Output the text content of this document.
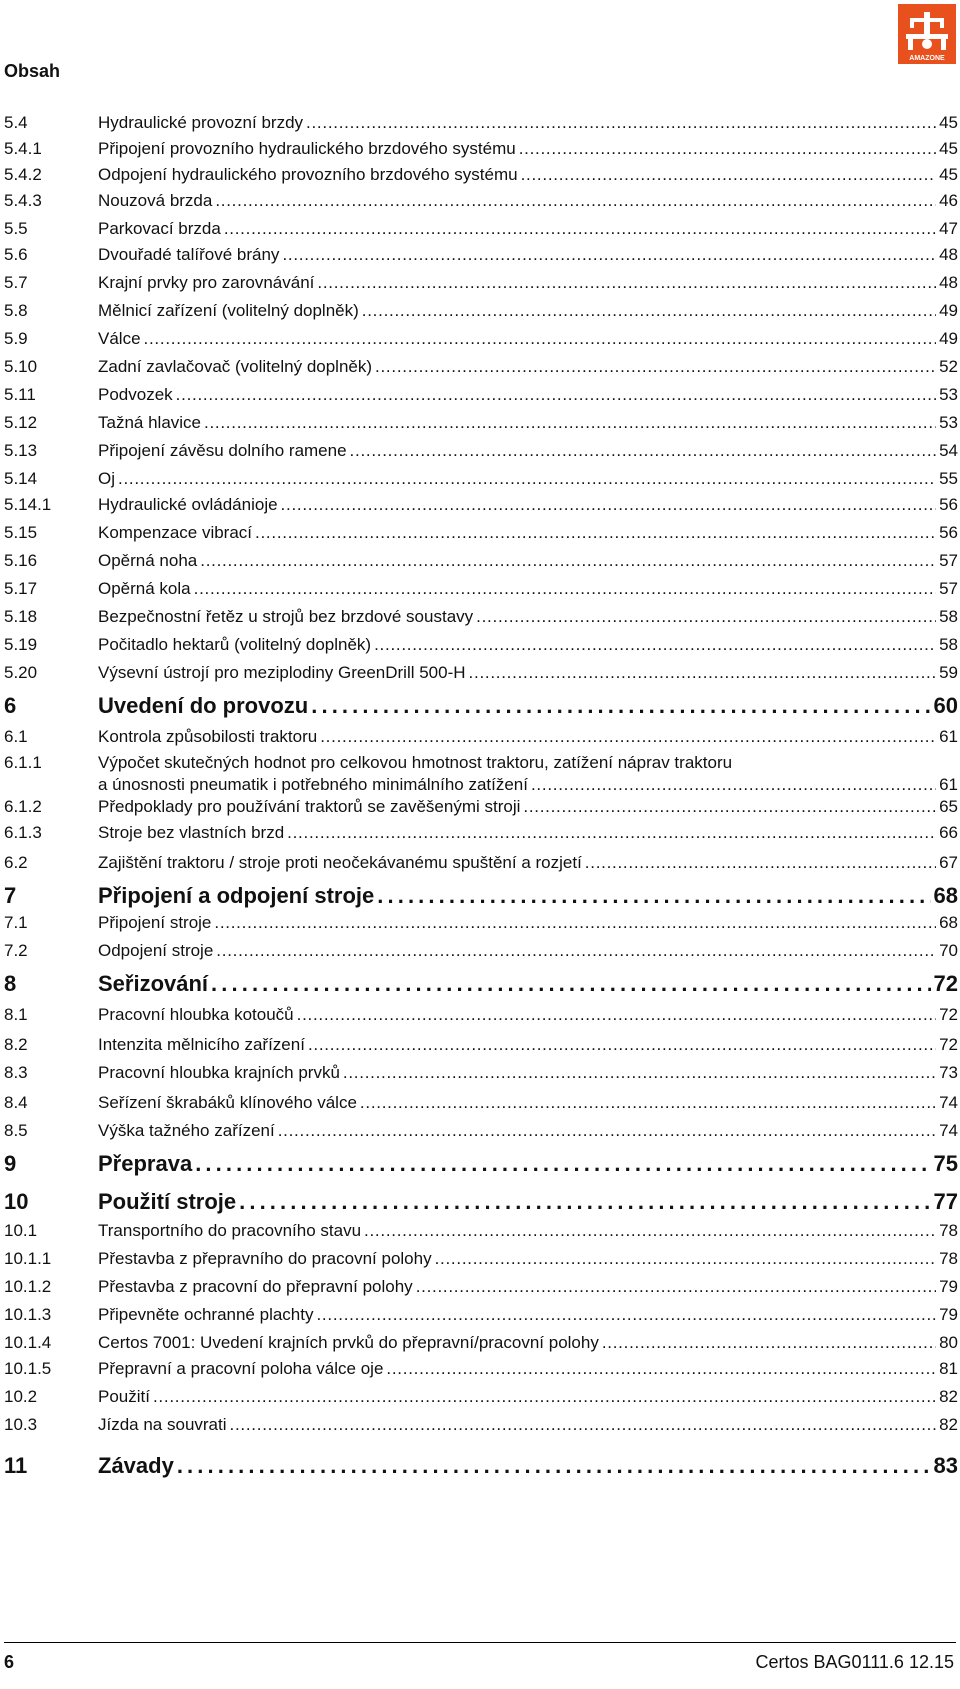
Obsah
AMAZONE
5.4	Hydraulické provozní brzdy . . .	45
5.4.1	Připojení provozního hydraulického brzdového systému . . .	45
5.4.2	Odpojení hydraulického provozního brzdového systému . . .	45
5.4.3	Nouzová brzda . . .	46
5.5	Parkovací brzda . . .	47
5.6	Dvouřadé talířové brány . . .	48
5.7	Krajní prvky pro zarovnávání . . .	48
5.8	Mělnicí zařízení (volitelný doplněk) . . .	49
5.9	Válce . . .	49
5.10	Zadní zavlačovač (volitelný doplněk) . . .	52
5.11	Podvozek . . .	53
5.12	Tažná hlavice . . .	53
5.13	Připojení závěsu dolního ramene . . .	54
5.14	Oj . . .	55
5.14.1	Hydraulické ovládánioje . . .	56
5.15	Kompenzace vibrací . . .	56
5.16	Opěrná noha . . .	57
5.17	Opěrná kola . . .	57
5.18	Bezpečnostní řetěz u strojů bez brzdové soustavy . . .	58
5.19	Počitadlo hektarů (volitelný doplněk) . . .	58
5.20	Výsevní ústrojí pro meziplodiny GreenDrill 500-H . . .	59
6	Uvedení do provozu . . .	60
6.1	Kontrola způsobilosti traktoru . . .	61
6.1.1	Výpočet skutečných hodnot pro celkovou hmotnost traktoru, zatížení náprav traktoru
a únosnosti pneumatik i potřebného minimálního zatížení . . .	61
6.1.2	Předpoklady pro používání traktorů se zavěšenými stroji . . .	65
6.1.3	Stroje bez vlastních brzd . . .	66
6.2	Zajištění traktoru / stroje proti neočekávanému spuštění a rozjetí . . .	67
7	Připojení a odpojení stroje . . .	68
7.1	Připojení stroje . . .	68
7.2	Odpojení stroje . . .	70
8	Seřizování . . .	72
8.1	Pracovní hloubka kotoučů . . .	72
8.2	Intenzita mělnicího zařízení . . .	72
8.3	Pracovní hloubka krajních prvků . . .	73
8.4	Seřízení škrabáků klínového válce . . .	74
8.5	Výška tažného zařízení . . .	74
9	Přeprava . . .	75
10	Použití stroje . . .	77
10.1	Transportního do pracovního stavu . . .	78
10.1.1	Přestavba z přepravního do pracovní polohy . . .	78
10.1.2	Přestavba z pracovní do přepravní polohy . . .	79
10.1.3	Připevněte ochranné plachty . . .	79
10.1.4	Certos 7001: Uvedení krajních prvků do přepravní/pracovní polohy . . .	80
10.1.5	Přepravní a pracovní poloha válce oje . . .	81
10.2	Použití . . .	82
10.3	Jízda na souvrati . . .	82
11	Závady . . .	83
6	Certos BAG0111.6 12.15
